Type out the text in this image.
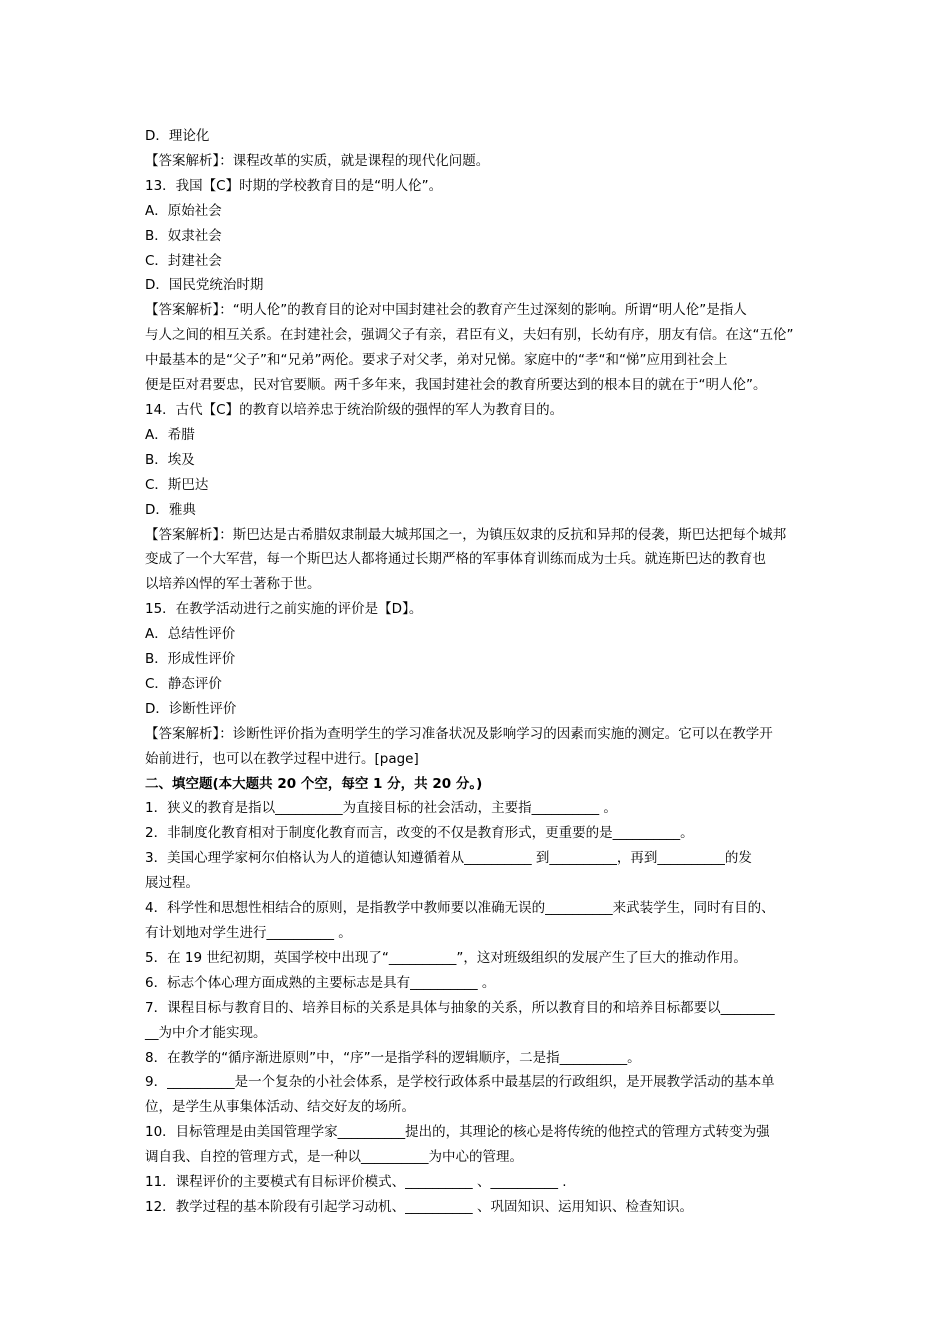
D．理论化

【答案解析】：课程改革的实质，就是课程的现代化问题。

13．我国【C】时期的学校教育目的是“明人伦”。

A．原始社会

B．奴隶社会

C．封建社会

D．国民党统治时期

【答案解析】：“明人伦”的教育目的论对中国封建社会的教育产生过深刻的影响。所谓“明人伦”是指人

与人之间的相互关系。在封建社会，强调父子有亲，君臣有义，夫妇有别，长幼有序，朋友有信。在这“五伦”

中最基本的是“父子”和“兄弟”两伦。要求子对父孝，弟对兄悌。家庭中的“孝“和“悌”应用到社会上

便是臣对君要忠，民对官要顺。两千多年来，我国封建社会的教育所要达到的根本目的就在于“明人伦”。

14．古代【C】的教育以培养忠于统治阶级的强悍的军人为教育目的。

A．希腊

B．埃及

C．斯巴达

D．雅典

【答案解析】：斯巴达是古希腊奴隶制最大城邦国之一，为镇压奴隶的反抗和异邦的侵袭，斯巴达把每个城邦

变成了一个大军营，每一个斯巴达人都将通过长期严格的军事体育训练而成为士兵。就连斯巴达的教育也

以培养凶悍的军士著称于世。

15．在教学活动进行之前实施的评价是【D】。

A．总结性评价

B．形成性评价

C．静态评价

D．诊断性评价

【答案解析】：诊断性评价指为查明学生的学习准备状况及影响学习的因素而实施的测定。它可以在教学开

始前进行，也可以在教学过程中进行。[page]

二、填空题(本大题共 20 个空，每空 1 分，共 20 分。)

1．狭义的教育是指以__________为直接目标的社会活动，主要指__________ 。

2．非制度化教育相对于制度化教育而言，改变的不仅是教育形式，更重要的是__________。

3．美国心理学家柯尔伯格认为人的道德认知遵循着从__________ 到__________，再到__________的发

展过程。

4．科学性和思想性相结合的原则，是指教学中教师要以准确无误的__________来武装学生，同时有目的、

有计划地对学生进行__________ 。

5．在 19 世纪初期，英国学校中出现了“__________”，这对班级组织的发展产生了巨大的推动作用。

6．标志个体心理方面成熟的主要标志是具有__________ 。

7．课程目标与教育目的、培养目标的关系是具体与抽象的关系，所以教育目的和培养目标都要以________

__为中介才能实现。

8．在教学的“循序渐进原则”中，“序”一是指学科的逻辑顺序，二是指__________。

9．__________是一个复杂的小社会体系，是学校行政体系中最基层的行政组织，是开展教学活动的基本单

位，是学生从事集体活动、结交好友的场所。

10．目标管理是由美国管理学家__________提出的，其理论的核心是将传统的他控式的管理方式转变为强

调自我、自控的管理方式，是一种以__________为中心的管理。

11．课程评价的主要模式有目标评价模式、__________ 、__________ .

12．教学过程的基本阶段有引起学习动机、__________ 、巩固知识、运用知识、检查知识。
